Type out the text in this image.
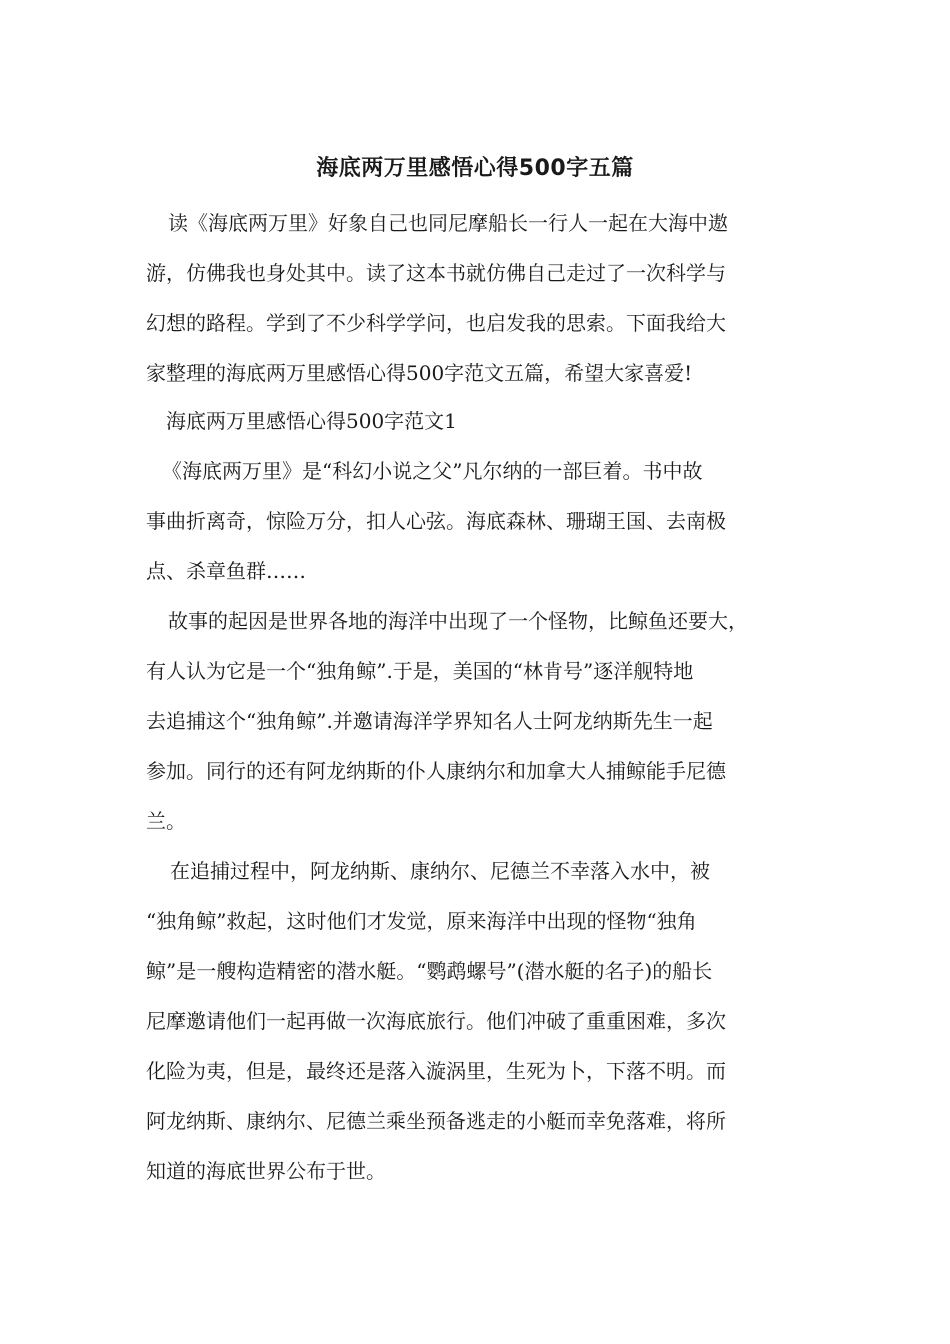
海底两万里感悟心得500字五篇
读《海底两万里》好象自己也同尼摩船长一行人一起在大海中遨
游，仿佛我也身处其中。读了这本书就仿佛自己走过了一次科学与
幻想的路程。学到了不少科学学问，也启发我的思索。下面我给大
家整理的海底两万里感悟心得500字范文五篇，希望大家喜爱!
海底两万里感悟心得500字范文1
《海底两万里》是“科幻小说之父”凡尔纳的一部巨着。书中故
事曲折离奇，惊险万分，扣人心弦。海底森林、珊瑚王国、去南极
点、杀章鱼群……
故事的起因是世界各地的海洋中出现了一个怪物，比鲸鱼还要大，
有人认为它是一个“独角鲸”.于是，美国的“林肯号”逐洋舰特地
去追捕这个“独角鲸”.并邀请海洋学界知名人士阿龙纳斯先生一起
参加。同行的还有阿龙纳斯的仆人康纳尔和加拿大人捕鲸能手尼德
兰。
在追捕过程中，阿龙纳斯、康纳尔、尼德兰不幸落入水中，被
“独角鲸”救起，这时他们才发觉，原来海洋中出现的怪物“独角
鲸”是一艘构造精密的潜水艇。“鹦鹉螺号”(潜水艇的名子)的船长
尼摩邀请他们一起再做一次海底旅行。他们冲破了重重困难，多次
化险为夷，但是，最终还是落入漩涡里，生死为卜，下落不明。而
阿龙纳斯、康纳尔、尼德兰乘坐预备逃走的小艇而幸免落难，将所
知道的海底世界公布于世。
